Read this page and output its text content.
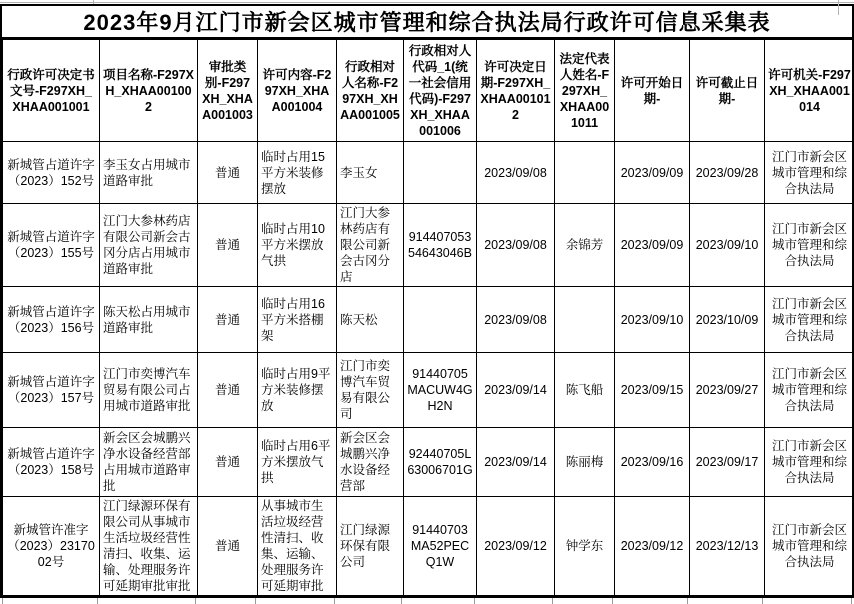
2023年9月江门市新会区城市管理和综合执法局行政许可信息采集表
行政许可决定书文号-F297XH_XHAA001001	项目名称-F297XH_XHAA001002	审批类别-F297XH_XHAA001003	许可内容-F297XH_XHAA001004	行政相对人名称-F297XH_XHAA001005	行政相对人代码_1(统一社会信用代码)-F297XH_XHAA001006	许可决定日期-F297XH_XHAA001012	法定代表人姓名-F297XH_XHAA001011	许可开始日期-	许可截止日期-	许可机关-F297XH_XHAA001014
新城管占道许字（2023）152号	李玉女占用城市道路审批	普通	临时占用15平方米装修摆放	李玉女		2023/09/08		2023/09/09	2023/09/28	江门市新会区城市管理和综合执法局
新城管占道许字（2023）155号	江门大参林药店有限公司新会古冈分店占用城市道路审批	普通	临时占用10平方米摆放气拱	江门大参林药店有限公司新会古冈分店	91440705354643046B	2023/09/08	余锦芳	2023/09/09	2023/09/10	江门市新会区城市管理和综合执法局
新城管占道许字（2023）156号	陈天松占用城市道路审批	普通	临时占用16平方米搭棚架	陈天松		2023/09/08		2023/09/10	2023/10/09	江门市新会区城市管理和综合执法局
新城管占道许字（2023）157号	江门市奕博汽车贸易有限公司占用城市道路审批	普通	临时占用9平方米装修摆放	江门市奕博汽车贸易有限公司	91440705MACUW4GH2N	2023/09/14	陈飞船	2023/09/15	2023/09/27	江门市新会区城市管理和综合执法局
新城管占道许字（2023）158号	新会区会城鹏兴净水设备经营部占用城市道路审批	普通	临时占用6平方米摆放气拱	新会区会城鹏兴净水设备经营部	92440705L63006701G	2023/09/14	陈丽梅	2023/09/16	2023/09/17	江门市新会区城市管理和综合执法局
新城管许准字（2023）2317002号	江门绿源环保有限公司从事城市生活垃圾经营性清扫、收集、运输、处理服务许可延期审批审批	普通	从事城市生活垃圾经营性清扫、收集、运输、处理服务许可延期审批	江门绿源环保有限公司	91440703MA52PECQ1W	2023/09/12	钟学东	2023/09/12	2023/12/13	江门市新会区城市管理和综合执法局
